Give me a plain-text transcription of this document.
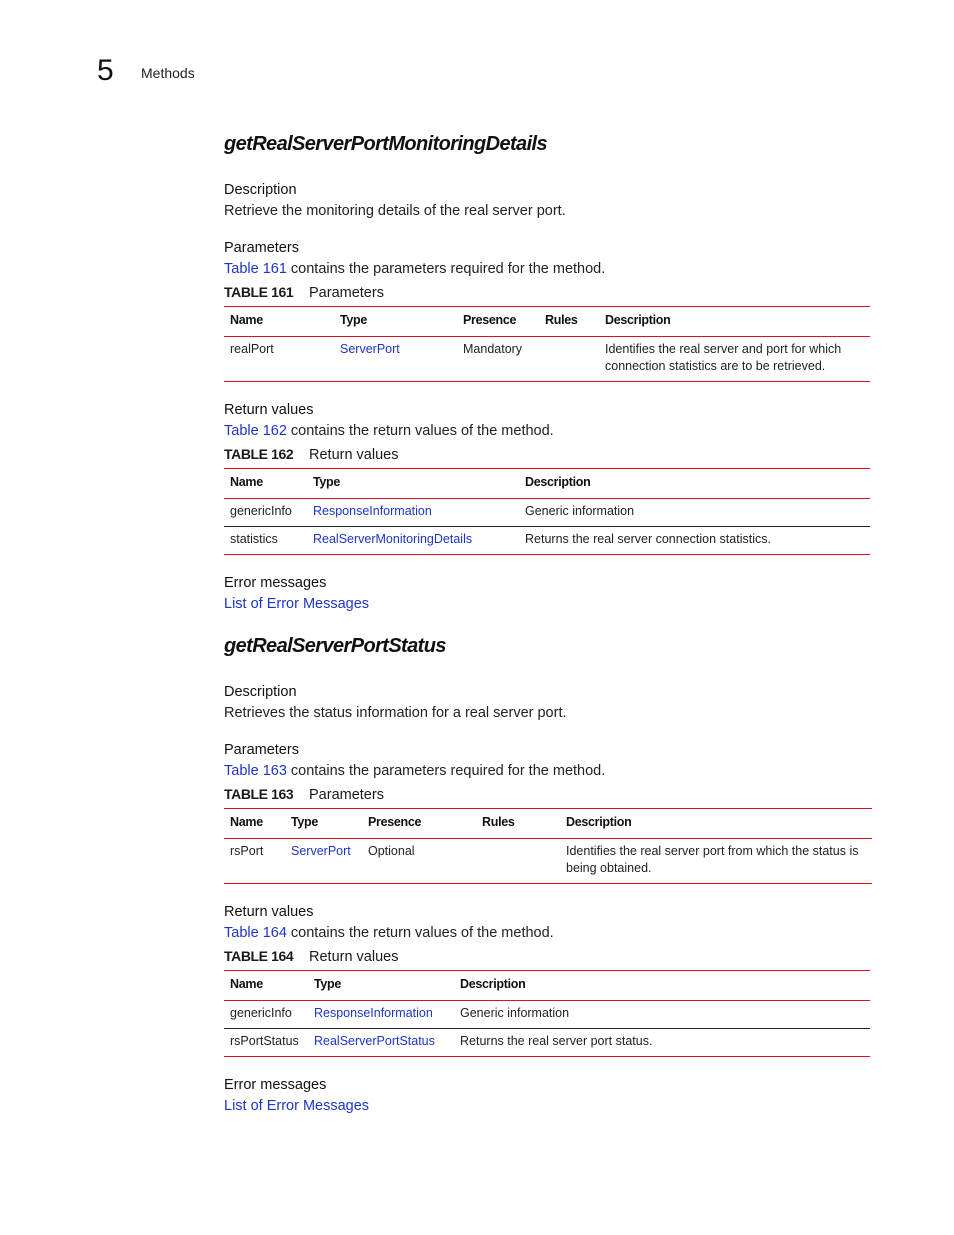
5 Methods
getRealServerPortMonitoringDetails
Description
Retrieve the monitoring details of the real server port.
Parameters
Table 161 contains the parameters required for the method.
TABLE 161 Parameters
Name	Type	Presence	Rules	Description
realPort	ServerPort	Mandatory		Identifies the real server and port for which connection statistics are to be retrieved.
Return values
Table 162 contains the return values of the method.
TABLE 162 Return values
Name	Type	Description
genericInfo	ResponseInformation	Generic information
statistics	RealServerMonitoringDetails	Returns the real server connection statistics.
Error messages
List of Error Messages
getRealServerPortStatus
Description
Retrieves the status information for a real server port.
Parameters
Table 163 contains the parameters required for the method.
TABLE 163 Parameters
Name	Type	Presence	Rules	Description
rsPort	ServerPort	Optional		Identifies the real server port from which the status is being obtained.
Return values
Table 164 contains the return values of the method.
TABLE 164 Return values
Name	Type	Description
genericInfo	ResponseInformation	Generic information
rsPortStatus	RealServerPortStatus	Returns the real server port status.
Error messages
List of Error Messages
